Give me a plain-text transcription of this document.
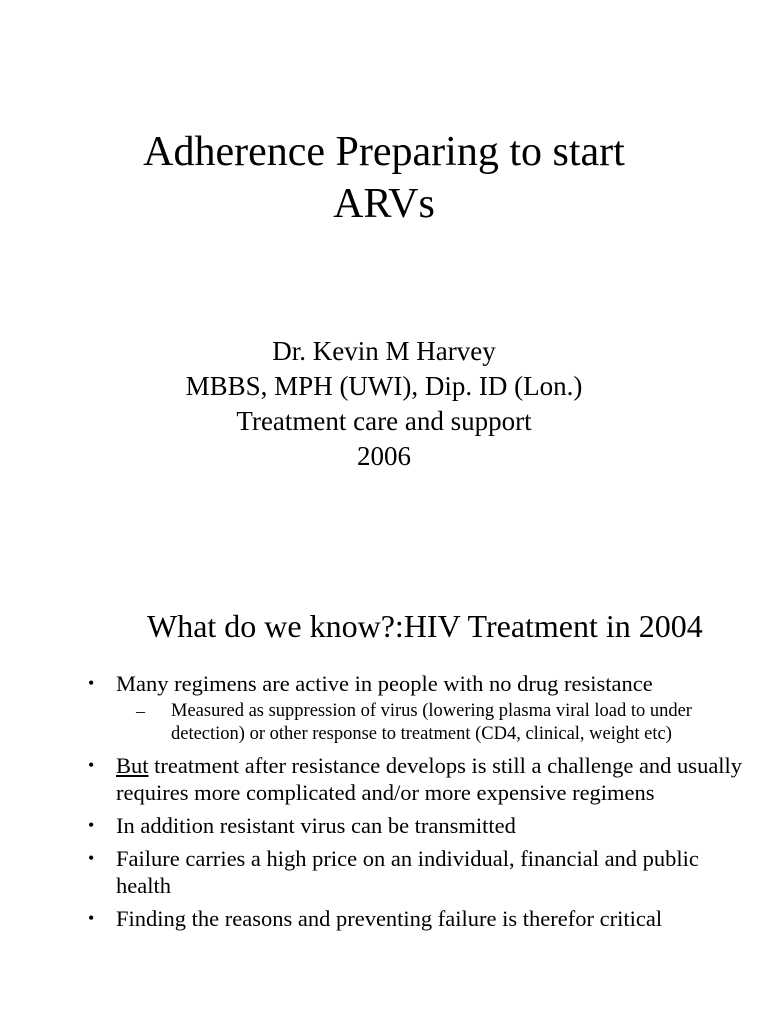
Adherence Preparing to start
ARVs
Dr. Kevin M Harvey
MBBS, MPH (UWI), Dip. ID (Lon.)
Treatment care and support
2006
What do we know?:HIV Treatment in 2004
• Many regimens are active in people with no drug resistance
– Measured as suppression of virus (lowering plasma viral load to under detection) or other response to treatment (CD4, clinical, weight etc)
• But treatment after resistance develops is still a challenge and usually requires more complicated and/or more expensive regimens
• In addition resistant virus can be transmitted
• Failure carries a high price on an individual, financial and public health
• Finding the reasons and preventing failure is therefor critical
